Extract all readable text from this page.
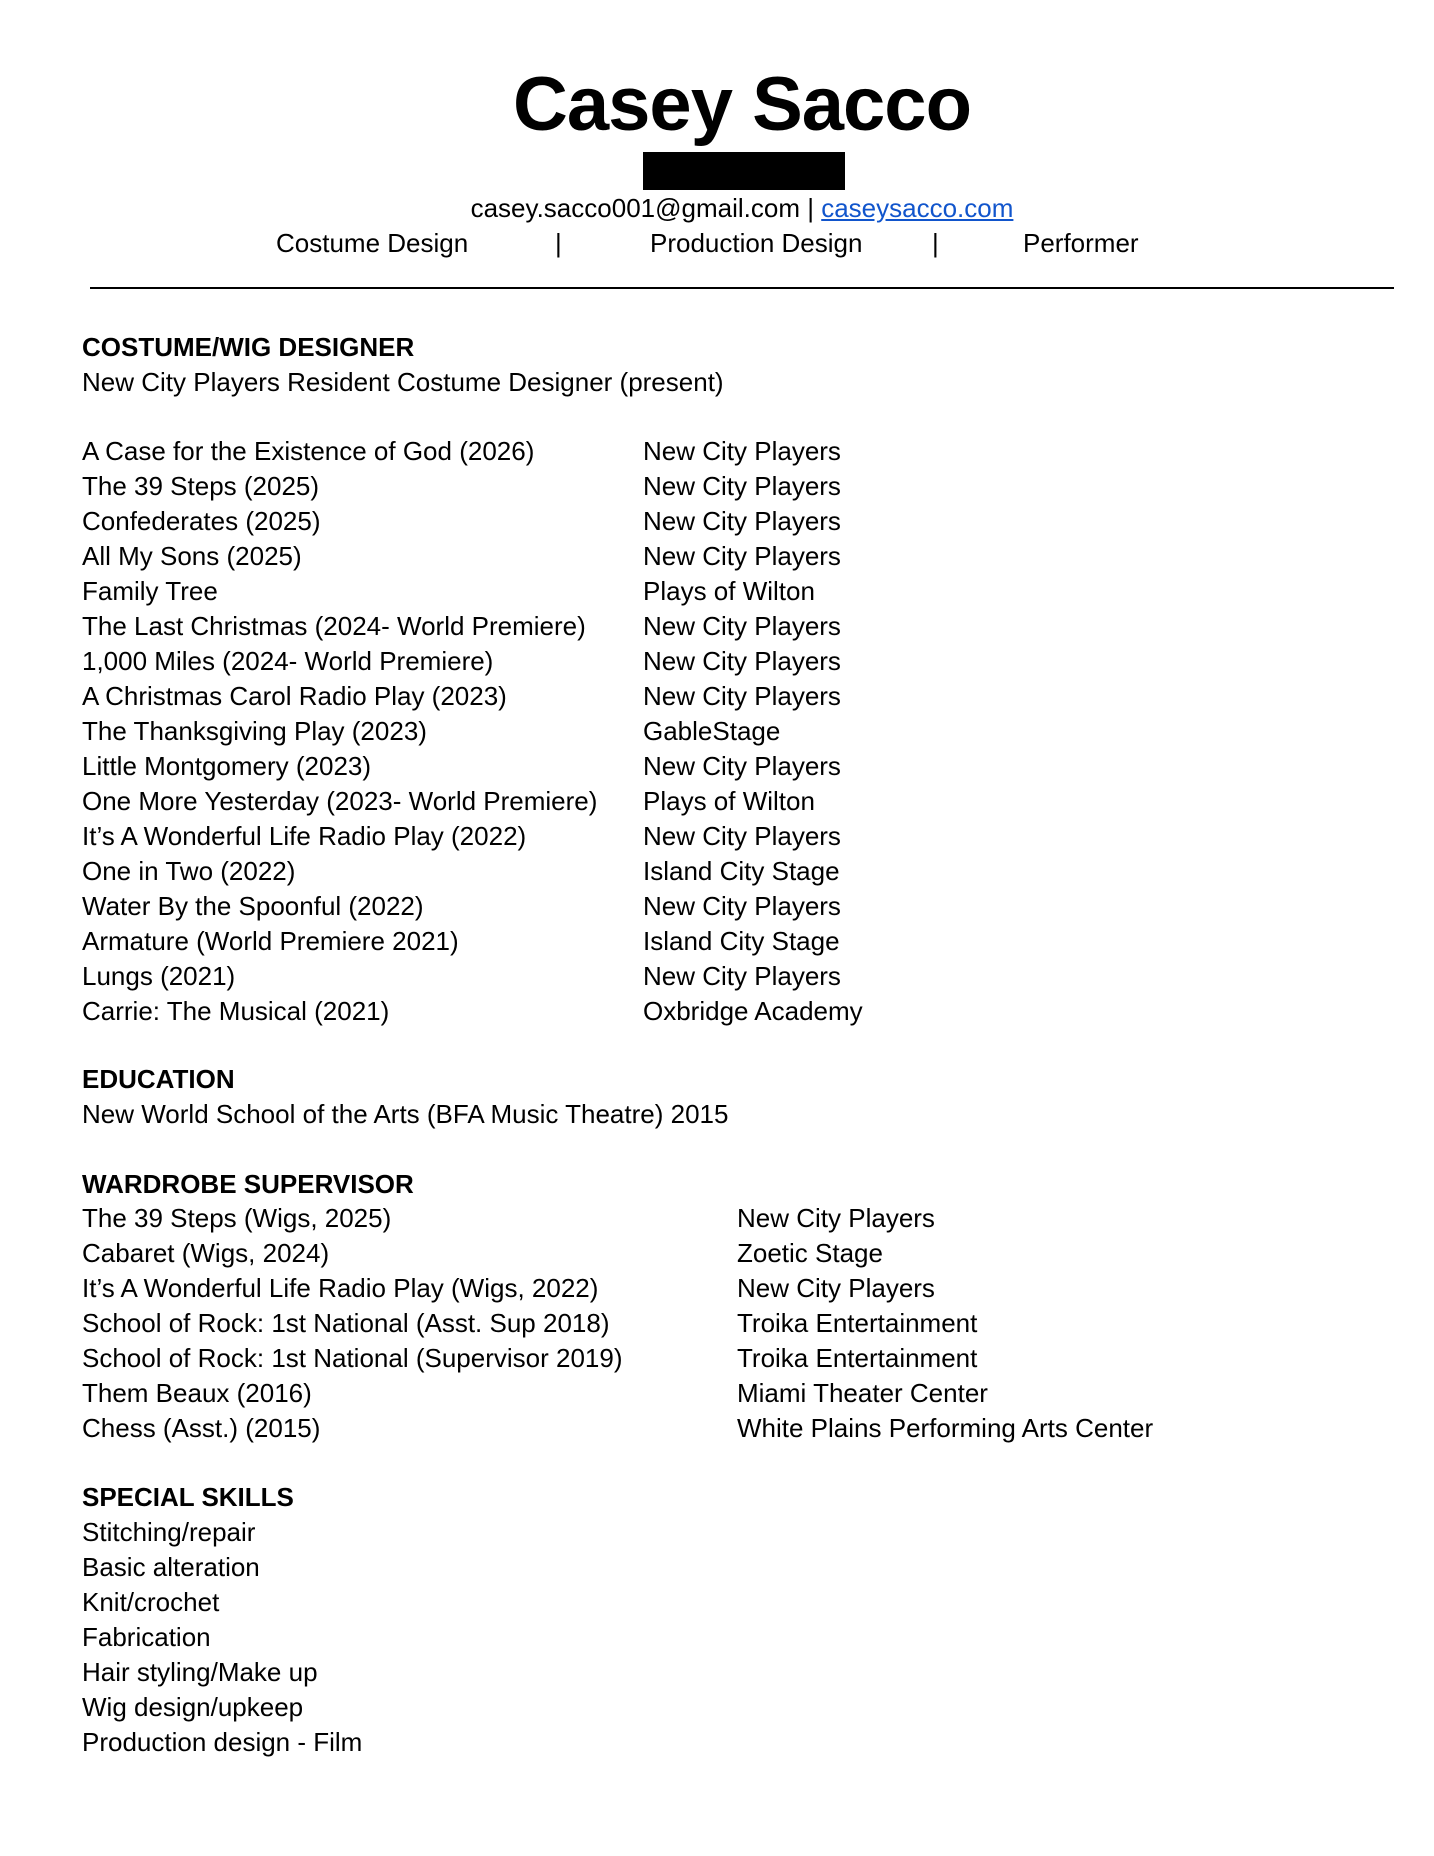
Casey Sacco
casey.sacco001@gmail.com | caseysacco.com
Costume Design	|	Production Design	|	Performer
COSTUME/WIG DESIGNER
New City Players Resident Costume Designer (present)
A Case for the Existence of God (2026)	New City Players
The 39 Steps (2025)	New City Players
Confederates (2025)	New City Players
All My Sons (2025)	New City Players
Family Tree	Plays of Wilton
The Last Christmas (2024- World Premiere) New City Players
1,000 Miles (2024- World Premiere)	New City Players
A Christmas Carol Radio Play (2023)	New City Players
The Thanksgiving Play (2023)	GableStage
Little Montgomery (2023)	New City Players
One More Yesterday (2023- World Premiere) Plays of Wilton
It’s A Wonderful Life Radio Play (2022)	New City Players
One in Two (2022)	Island City Stage
Water By the Spoonful (2022)	New City Players
Armature (World Premiere 2021)	Island City Stage
Lungs (2021)	New City Players
Carrie: The Musical (2021)	Oxbridge Academy
EDUCATION
New World School of the Arts (BFA Music Theatre) 2015
WARDROBE SUPERVISOR
The 39 Steps (Wigs, 2025)	New City Players
Cabaret (Wigs, 2024)	Zoetic Stage
It’s A Wonderful Life Radio Play (Wigs, 2022)	New City Players
School of Rock: 1st National (Asst. Sup 2018)	Troika Entertainment
School of Rock: 1st National (Supervisor 2019)	Troika Entertainment
Them Beaux (2016)	Miami Theater Center
Chess (Asst.) (2015)	White Plains Performing Arts Center
SPECIAL SKILLS
Stitching/repair
Basic alteration
Knit/crochet
Fabrication
Hair styling/Make up
Wig design/upkeep
Production design - Film
